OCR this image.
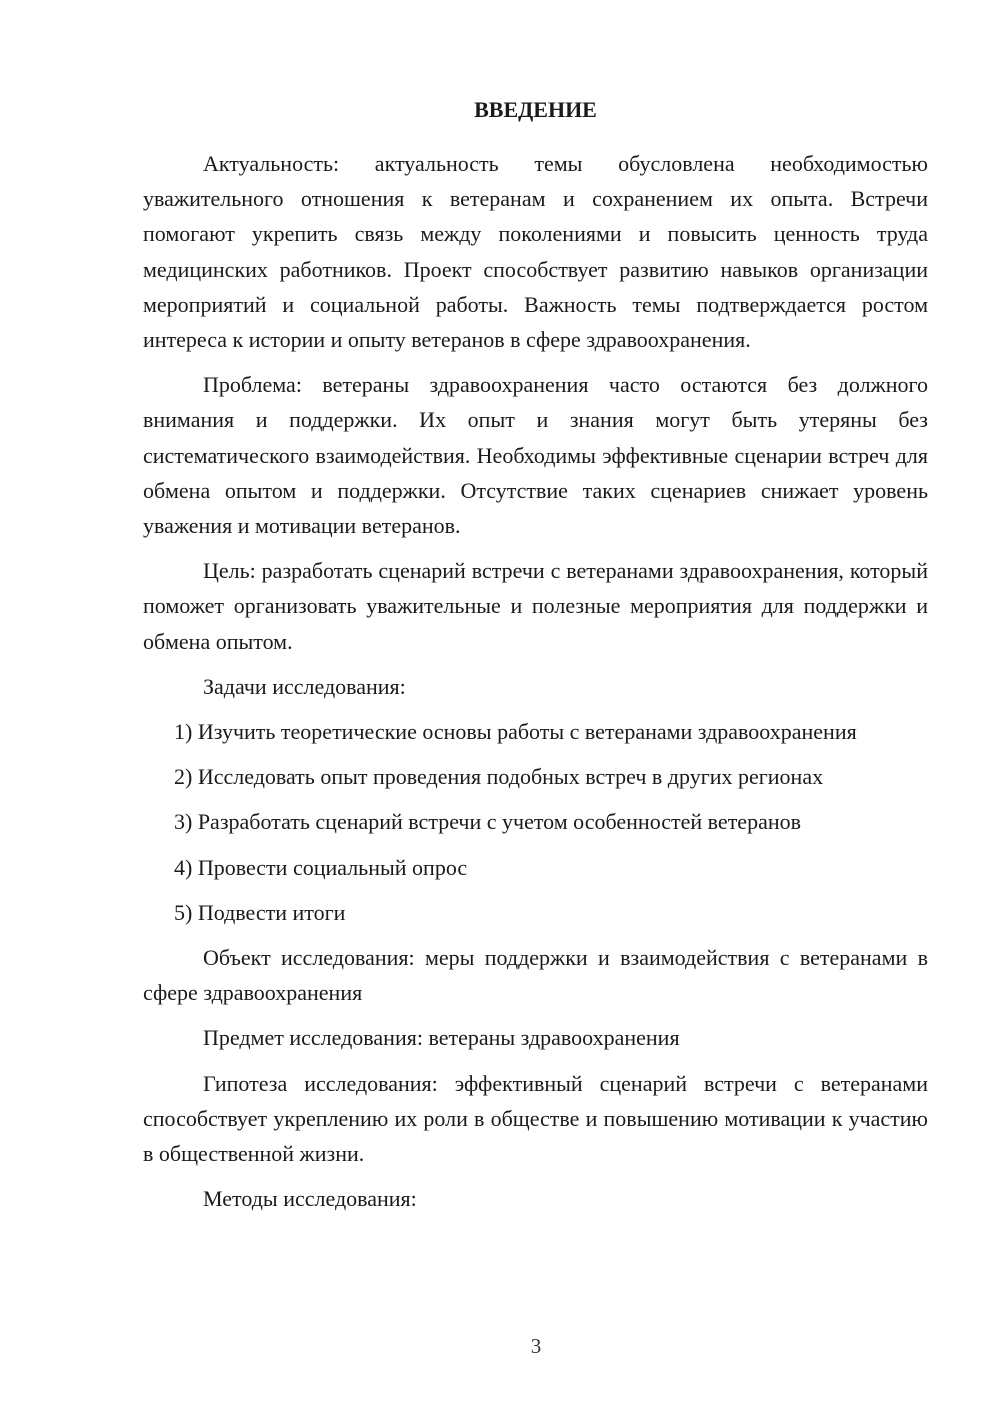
ВВЕДЕНИЕ

Актуальность: актуальность темы обусловлена необходимостью уважительного отношения к ветеранам и сохранением их опыта. Встречи помогают укрепить связь между поколениями и повысить ценность труда медицинских работников. Проект способствует развитию навыков организации мероприятий и социальной работы. Важность темы подтверждается ростом интереса к истории и опыту ветеранов в сфере здравоохранения.

Проблема: ветераны здравоохранения часто остаются без должного внимания и поддержки. Их опыт и знания могут быть утеряны без систематического взаимодействия. Необходимы эффективные сценарии встреч для обмена опытом и поддержки. Отсутствие таких сценариев снижает уровень уважения и мотивации ветеранов.

Цель: разработать сценарий встречи с ветеранами здравоохранения, который поможет организовать уважительные и полезные мероприятия для поддержки и обмена опытом.

Задачи исследования:

1) Изучить теоретические основы работы с ветеранами здравоохранения

2) Исследовать опыт проведения подобных встреч в других регионах

3) Разработать сценарий встречи с учетом особенностей ветеранов

4) Провести социальный опрос

5) Подвести итоги

Объект исследования: меры поддержки и взаимодействия с ветеранами в сфере здравоохранения

Предмет исследования: ветераны здравоохранения

Гипотеза исследования: эффективный сценарий встречи с ветеранами способствует укреплению их роли в обществе и повышению мотивации к участию в общественной жизни.

Методы исследования:

3
